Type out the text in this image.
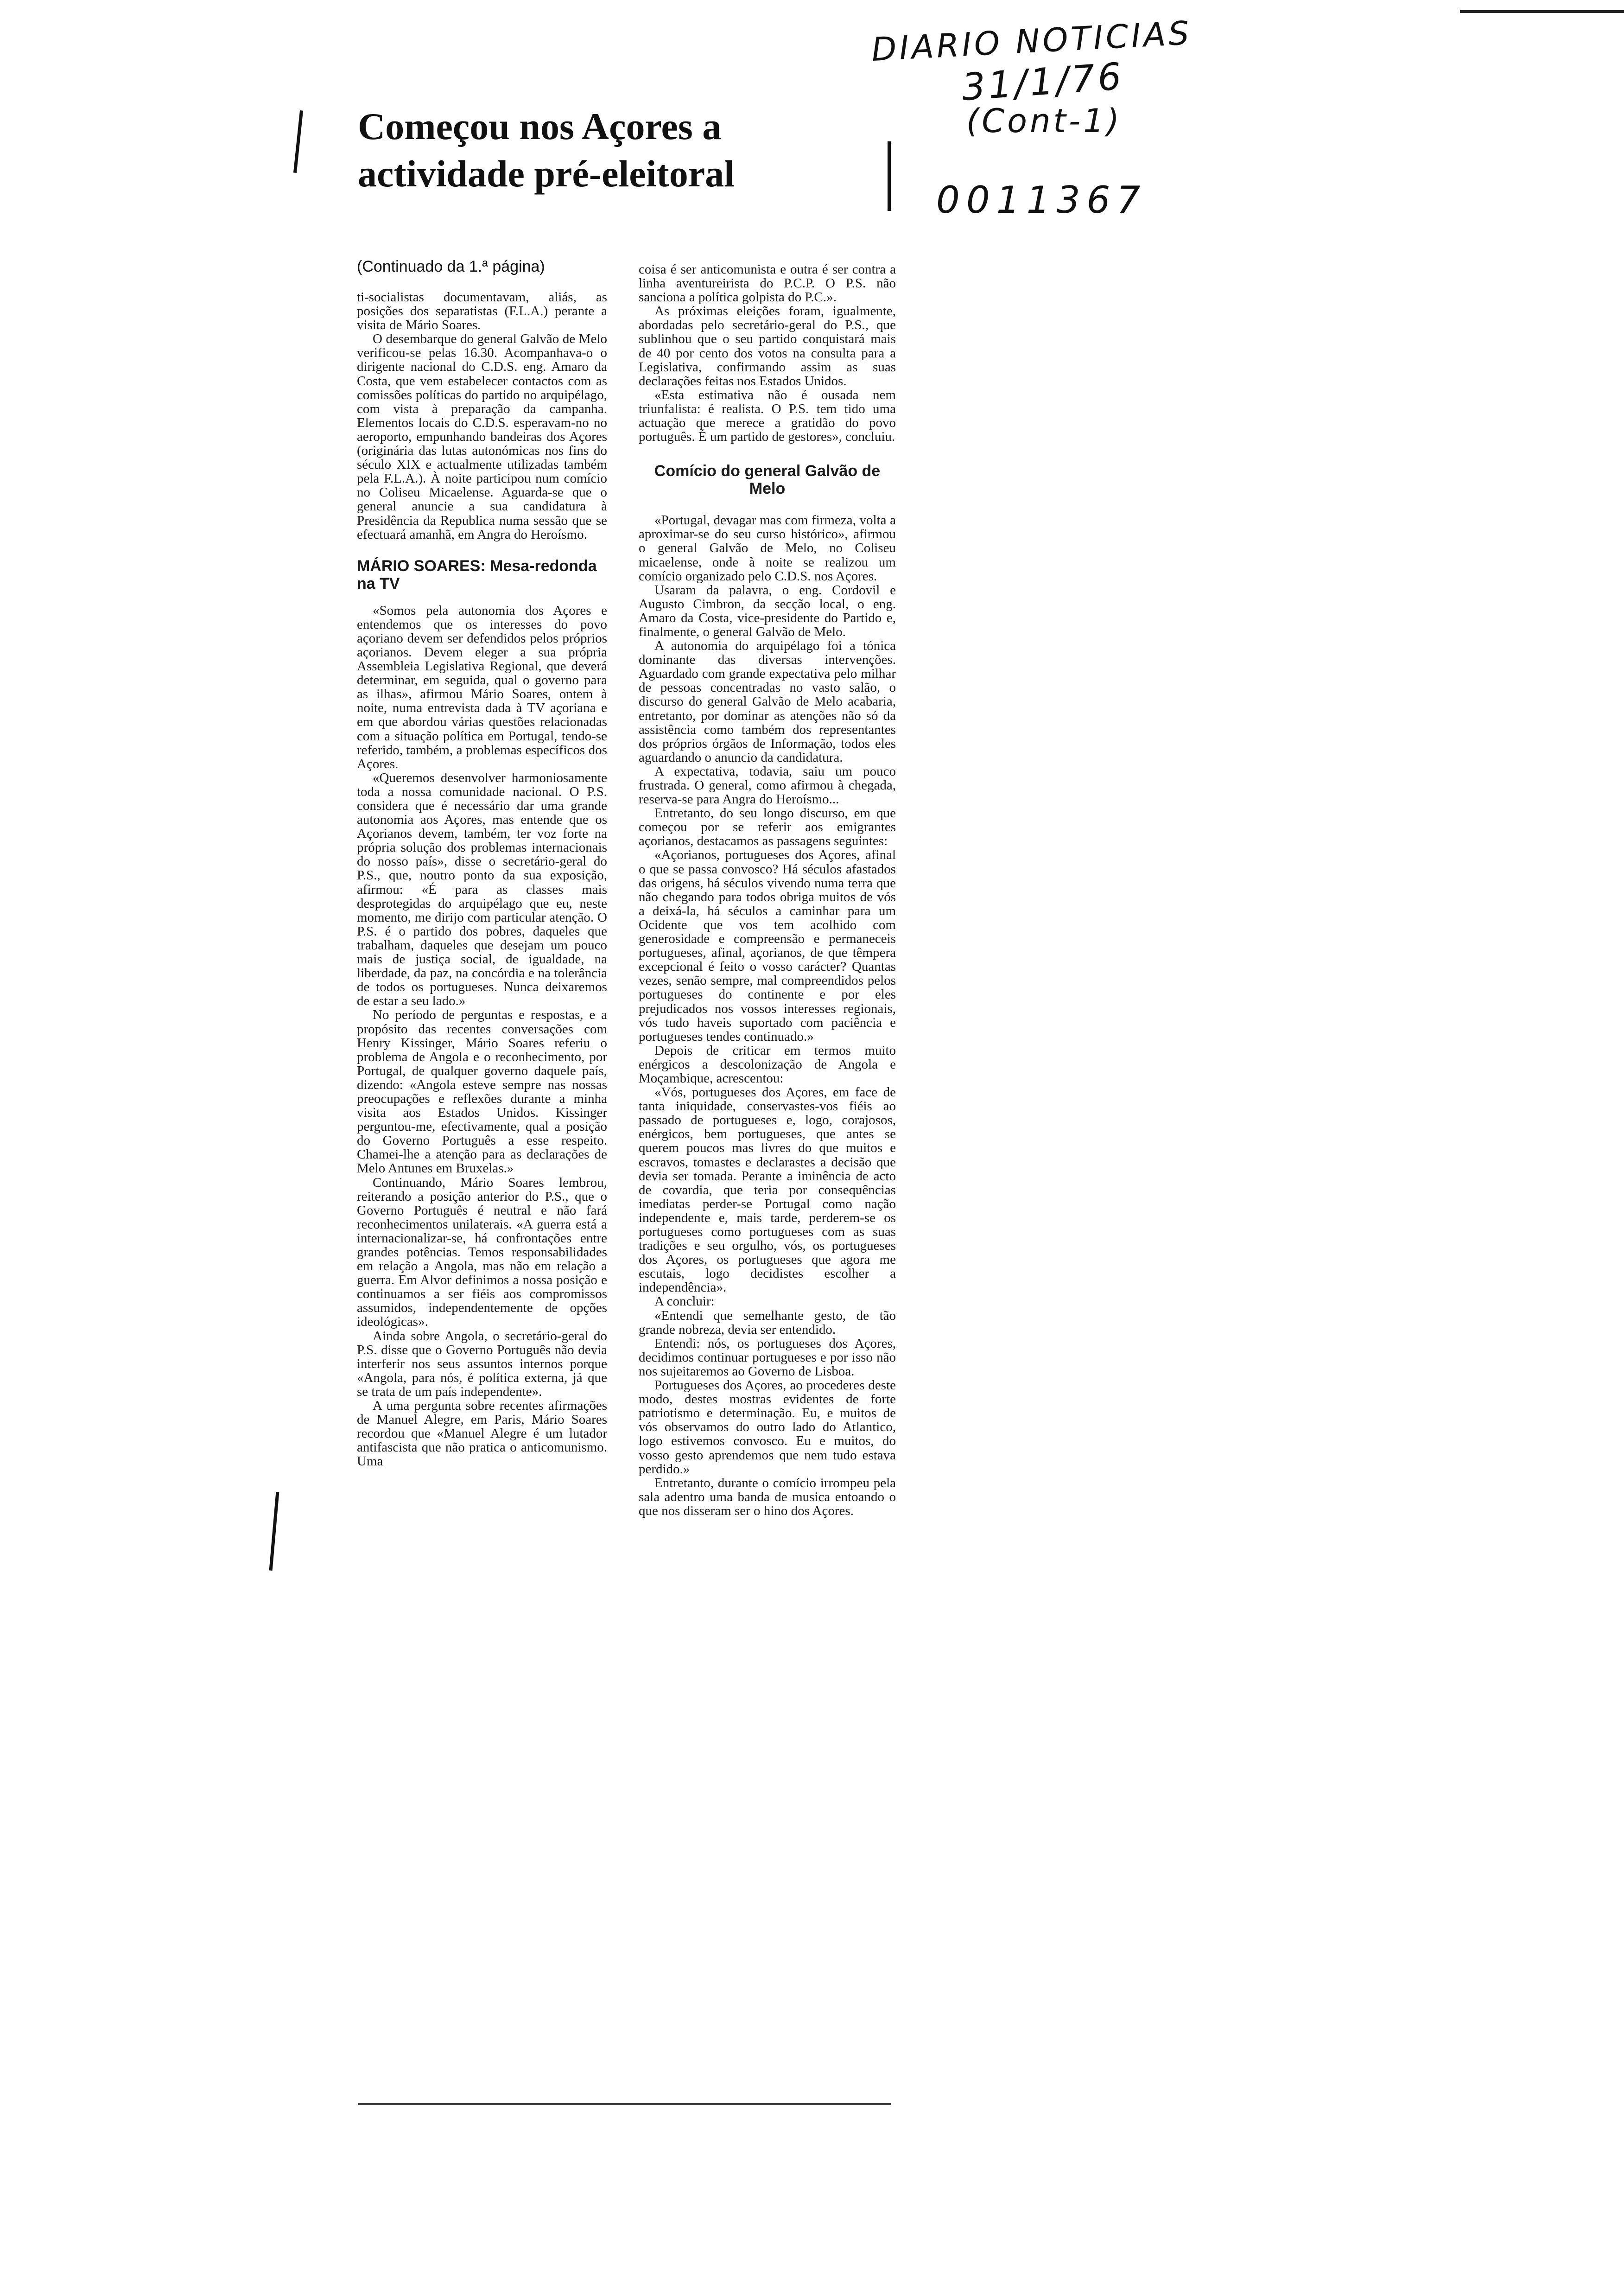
DIARIO NOTICIAS
31/1/76
(Cont-1)
0011367
Começou nos Açores a actividade pré-eleitoral
(Continuado da 1.ª página)

ti-socialistas documentavam, aliás, as posições dos separatistas (F.L.A.) perante a visita de Mário Soares.

O desembarque do general Galvão de Melo verificou-se pelas 16.30. Acompanhava-o o dirigente nacional do C.D.S. eng. Amaro da Costa, que vem estabelecer contactos com as comissões políticas do partido no arquipélago, com vista à preparação da campanha. Elementos locais do C.D.S. esperavam-no no aeroporto, empunhando bandeiras dos Açores (originária das lutas autonómicas nos fins do século XIX e actualmente utilizadas também pela F.L.A.). À noite participou num comício no Coliseu Micaelense. Aguarda-se que o general anuncie a sua candidatura à Presidência da Republica numa sessão que se efectuará amanhã, em Angra do Heroísmo.

MÁRIO SOARES: Mesa-redonda na TV

«Somos pela autonomia dos Açores e entendemos que os interesses do povo açoriano devem ser defendidos pelos próprios açorianos. Devem eleger a sua própria Assembleia Legislativa Regional, que deverá determinar, em seguida, qual o governo para as ilhas», afirmou Mário Soares, ontem à noite, numa entrevista dada à TV açoriana e em que abordou várias questões relacionadas com a situação política em Portugal, tendo-se referido, também, a problemas específicos dos Açores.

«Queremos desenvolver harmoniosamente toda a nossa comunidade nacional. O P.S. considera que é necessário dar uma grande autonomia aos Açores, mas entende que os Açorianos devem, também, ter voz forte na própria solução dos problemas internacionais do nosso país», disse o secretário-geral do P.S., que, noutro ponto da sua exposição, afirmou: «É para as classes mais desprotegidas do arquipélago que eu, neste momento, me dirijo com particular atenção. O P.S. é o partido dos pobres, daqueles que trabalham, daqueles que desejam um pouco mais de justiça social, de igualdade, na liberdade, da paz, na concórdia e na tolerância de todos os portugueses. Nunca deixaremos de estar a seu lado.»

No período de perguntas e respostas, e a propósito das recentes conversações com Henry Kissinger, Mário Soares referiu o problema de Angola e o reconhecimento, por Portugal, de qualquer governo daquele país, dizendo: «Angola esteve sempre nas nossas preocupações e reflexões durante a minha visita aos Estados Unidos. Kissinger perguntou-me, efectivamente, qual a posição do Governo Português a esse respeito. Chamei-lhe a atenção para as declarações de Melo Antunes em Bruxelas.»

Continuando, Mário Soares lembrou, reiterando a posição anterior do P.S., que o Governo Português é neutral e não fará reconhecimentos unilaterais. «A guerra está a internacionalizar-se, há confrontações entre grandes potências. Temos responsabilidades em relação a Angola, mas não em relação a guerra. Em Alvor definimos a nossa posição e continuamos a ser fiéis aos compromissos assumidos, independentemente de opções ideológicas».

Ainda sobre Angola, o secretário-geral do P.S. disse que o Governo Português não devia interferir nos seus assuntos internos porque «Angola, para nós, é política externa, já que se trata de um país independente».

A uma pergunta sobre recentes afirmações de Manuel Alegre, em Paris, Mário Soares recordou que «Manuel Alegre é um lutador antifascista que não pratica o anticomunismo. Uma

coisa é ser anticomunista e outra é ser contra a linha aventureirista do P.C.P. O P.S. não sanciona a política golpista do P.C.».

As próximas eleições foram, igualmente, abordadas pelo secretário-geral do P.S., que sublinhou que o seu partido conquistará mais de 40 por cento dos votos na consulta para a Legislativa, confirmando assim as suas declarações feitas nos Estados Unidos.

«Esta estimativa não é ousada nem triunfalista: é realista. O P.S. tem tido uma actuação que merece a gratidão do povo português. É um partido de gestores», concluiu.

Comício do general Galvão de Melo

«Portugal, devagar mas com firmeza, volta a aproximar-se do seu curso histórico», afirmou o general Galvão de Melo, no Coliseu micaelense, onde à noite se realizou um comício organizado pelo C.D.S. nos Açores.

Usaram da palavra, o eng. Cordovil e Augusto Cimbron, da secção local, o eng. Amaro da Costa, vice-presidente do Partido e, finalmente, o general Galvão de Melo.

A autonomia do arquipélago foi a tónica dominante das diversas intervenções. Aguardado com grande expectativa pelo milhar de pessoas concentradas no vasto salão, o discurso do general Galvão de Melo acabaria, entretanto, por dominar as atenções não só da assistência como também dos representantes dos próprios órgãos de Informação, todos eles aguardando o anuncio da candidatura.

A expectativa, todavia, saiu um pouco frustrada. O general, como afirmou à chegada, reserva-se para Angra do Heroísmo...

Entretanto, do seu longo discurso, em que começou por se referir aos emigrantes açorianos, destacamos as passagens seguintes:

«Açorianos, portugueses dos Açores, afinal o que se passa convosco? Há séculos afastados das origens, há séculos vivendo numa terra que não chegando para todos obriga muitos de vós a deixá-la, há séculos a caminhar para um Ocidente que vos tem acolhido com generosidade e compreensão e permaneceis portugueses, afinal, açorianos, de que têmpera excepcional é feito o vosso carácter? Quantas vezes, senão sempre, mal compreendidos pelos portugueses do continente e por eles prejudicados nos vossos interesses regionais, vós tudo haveis suportado com paciência e portugueses tendes continuado.»

Depois de criticar em termos muito enérgicos a descolonização de Angola e Moçambique, acrescentou:

«Vós, portugueses dos Açores, em face de tanta iniquidade, conservastes-vos fiéis ao passado de portugueses e, logo, corajosos, enérgicos, bem portugueses, que antes se querem poucos mas livres do que muitos e escravos, tomastes e declarastes a decisão que devia ser tomada. Perante a iminência de acto de covardia, que teria por consequências imediatas perder-se Portugal como nação independente e, mais tarde, perderem-se os portugueses como portugueses com as suas tradições e seu orgulho, vós, os portugueses dos Açores, os portugueses que agora me escutais, logo decidistes escolher a independência».

A concluir:

«Entendi que semelhante gesto, de tão grande nobreza, devia ser entendido.

Entendi: nós, os portugueses dos Açores, decidimos continuar portugueses e por isso não nos sujeitaremos ao Governo de Lisboa.

Portugueses dos Açores, ao procederes deste modo, destes mostras evidentes de forte patriotismo e determinação. Eu, e muitos de vós observamos do outro lado do Atlantico, logo estivemos convosco. Eu e muitos, do vosso gesto aprendemos que nem tudo estava perdido.»

Entretanto, durante o comício irrompeu pela sala adentro uma banda de musica entoando o que nos disseram ser o hino dos Açores.
